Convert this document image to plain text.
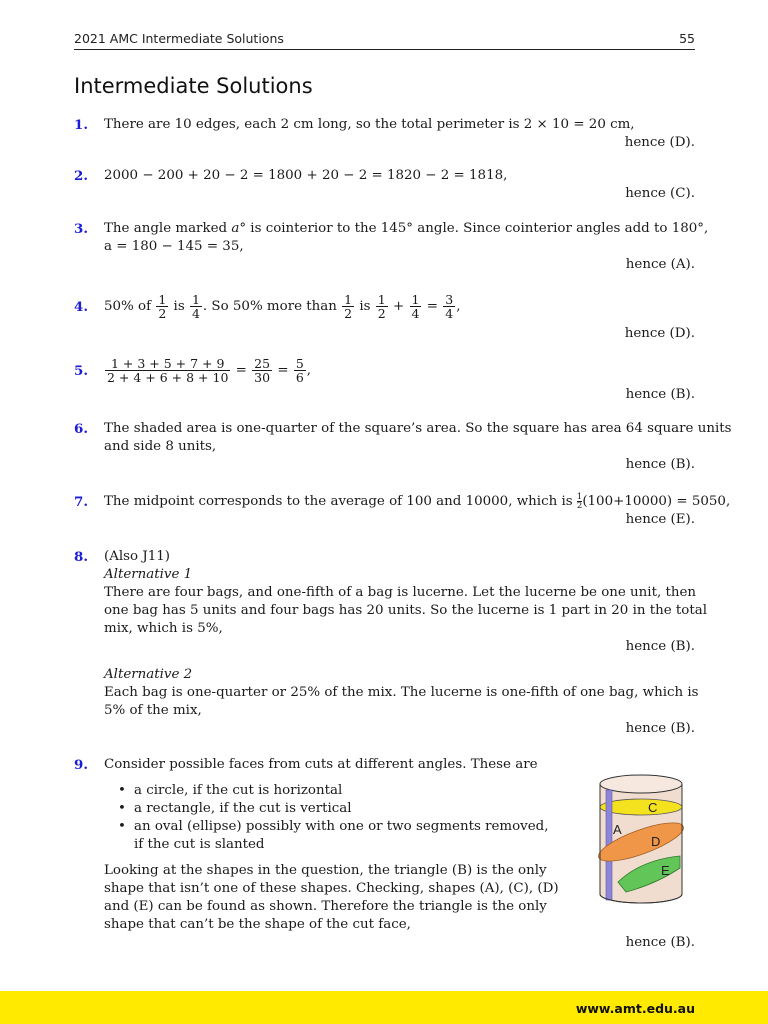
2021 AMC Intermediate Solutions	55
Intermediate Solutions
1. There are 10 edges, each 2 cm long, so the total perimeter is 2 × 10 = 20 cm,
hence (D).
2. 2000 − 200 + 20 − 2 = 1800 + 20 − 2 = 1820 − 2 = 1818,
hence (C).
3. The angle marked a° is cointerior to the 145° angle. Since cointerior angles add to 180°,
a = 180 − 145 = 35,
hence (A).
4. 50% of $\frac{1}{2}$ is $\frac{1}{4}$ . So 50% more than $\frac{1}{2}$ is $\frac{1}{2} + \frac{1}{4} = \frac{3}{4}$ ,
hence (D).
5. $\frac{1 + 3 + 5 + 7 + 9}{2 + 4 + 6 + 8 + 10} = \frac{25}{30} = \frac{5}{6}$ ,
hence (B).
6. The shaded area is one-quarter of the square’s area. So the square has area 64 square units
and side 8 units,
hence (B).
7. The midpoint corresponds to the average of 100 and 10000, which is $\frac{1}{2}(100+10000) = 5050$,
hence (E).
8. (Also J11)
Alternative 1
There are four bags, and one-fifth of a bag is lucerne. Let the lucerne be one unit, then
one bag has 5 units and four bags has 20 units. So the lucerne is 1 part in 20 in the total
mix, which is 5%,
hence (B).
Alternative 2
Each bag is one-quarter or 25% of the mix. The lucerne is one-fifth of one bag, which is
5% of the mix,
hence (B).
9. Consider possible faces from cuts at different angles. These are
• a circle, if the cut is horizontal
• a rectangle, if the cut is vertical
• an oval (ellipse) possibly with one or two segments removed,
if the cut is slanted
Looking at the shapes in the question, the triangle (B) is the only
shape that isn’t one of these shapes. Checking, shapes (A), (C), (D)
and (E) can be found as shown. Therefore the triangle is the only
shape that can’t be the shape of the cut face,
hence (B).
C
A
D
E
www.amt.edu.au
